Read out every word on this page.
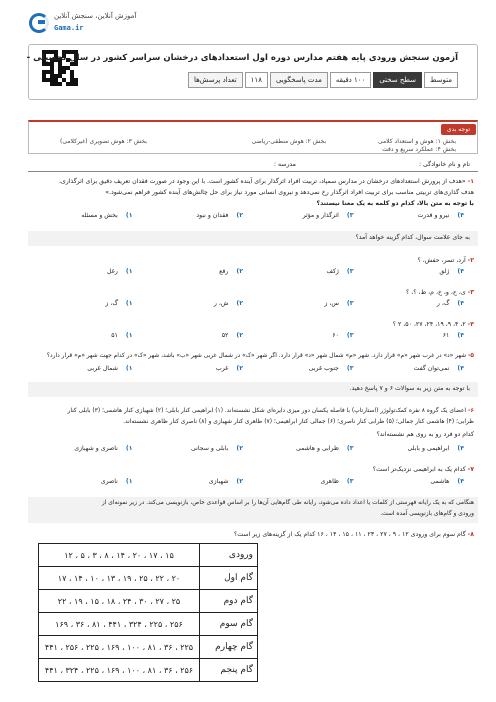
آموزش آنلاین، سنجش آنلاین
Gama.ir
آزمون سنجش ورودی پایه هفتم مدارس دوره اول استعدادهای درخشان سراسر کشور در سال تحصیلی -
تعداد پرسش‌ها	۱۱۸	مدت پاسخگویی	۱۰۰ دقیقه	سطح سختی	متوسط
توجه بدی
بخش ۱: هوش و استعداد کلامی
بخش ۲: هوش منطقی-ریاضی
بخش ۳: هوش تصویری (غیرکلامی)
بخش ۴: عملکرد سریع و دقت
نام و نام خانوادگی :
مدرسه :
۱- «هدف از پرورش استعدادهای درخشان در مدارس سمپاد، تربیت افراد اثرگذار برای آینده کشور است. با این وجود در صورت فقدان تعریف دقیق برای اثرگذاری،
هدف گذاری‌های تربیتی مناسب برای تربیت افراد اثرگذار رخ نمی‌دهد و نیروی انسانی مورد نیاز برای حل چالش‌های آینده کشور فراهم نمی‌شود.»
با توجه به متن بالا، کدام دو کلمه به یک معنا نیستند؟
۱)بخش و مسئله	۲)فقدان و نبود	۳)اثرگذار و مؤثر	۴)نیرو و قدرت
به جای علامت سوال، کدام گزینه خواهد آمد؟
۲- آرد، تسر، حفش، ؟
۱)رغل	۲)رقع	۳)ژکف	۴)ژلق
۳- ی، ح، و، خ، م، ط، ؟، ؟
۱)گ، ز	۲)ش، ر	۳)س، ز	۴)گ، ر
۴- ۲، ۴، ۹، ۱۹، ۲۴، ۲۷، ۵۰، ۲ ؟
۱)۵۱	۲)۵۲	۳)۶۰	۴)۶۱
۵- شهر «د» در غرب شهر «م» قرار دارد. شهر «م» شمال شهر «د» قرار دارد. اگر شهر «ک» در شمال غربی شهر «ب» باشد، شهر «ک» در کدام جهت شهر «م» قرار دارد؟
۱)شمال غربی	۲)غرب	۳)جنوب غربی	۴)نمی‌توان گفت
با توجه به متن زیر به سوالات ۶ و ۷ پاسخ دهید.
۶- اعضای یک گروه ۸ نفره کمک‌تولوژر (استارتاپ) با فاصله یکسان دور میزی دایره‌ای شکل نشسته‌اند. (۱) ابراهیمی کنار بابلی؛ (۲) شهبازی کنار هاشمی؛ (۳) بابلی کنار
ظرابی؛ (۴) هاشمی کنار جمالی؛ (۵) ظرابی کنار ناصری؛ (۶) جمالی کنار ابراهیمی؛ (۷) ظاهری کنار شهبازی و (۸) ناصری کنار ظاهری نشسته‌اند.
کدام دو فرد رو به روی هم نشسته‌اند؟
۱)ناصری و شهبازی	۲)بابلی و سجانی	۳)ظرابی و هاشمی	۴)ابراهیمی و بابلی
۷- کدام یک به ابراهیمی نزدیک‌تر است؟
۱)ناصری	۲)شهبازی	۳)ظاهری	۴)هاشمی
هنگامی که به یک رایانه فهرستی از کلمات یا اعداد داده می‌شود، رایانه طی گام‌هایی آن‌ها را بر اساس قواعدی خاص، بازنویسی می‌کند. در زیر نمونه‌ای از
ورودی و گام‌های بازنویسی آمده است.
۸- گام سوم برای ورودی ۱۲ ، ۹ ، ۲۷ ، ۲۳ ، ۱۱ ، ۱۵ ، ۱۴ ، ۱۶ کدام یک از گزینه‌های زیر است؟
ورودی	۱۲ ، ۵ ، ۳ ، ۸ ، ۱۴ ، ۲۰ ، ۱۷ ، ۱۵
گام اول	۱۷ ، ۱۴ ، ۱۰ ، ۱۳ ، ۱۹ ، ۲۵ ، ۲۲ ، ۲۰
گام دوم	۲۲ ، ۱۹ ، ۱۵ ، ۱۸ ، ۲۴ ، ۳۰ ، ۲۷ ، ۲۵
گام سوم	۱۶۹ ، ۳۶ ، ۸۱ ، ۴۴۱ ، ۳۲۴ ، ۲۲۵ ، ۲۵۶
گام چهارم	۴۴۱ ، ۲۵۶ ، ۲۲۵ ، ۱۶۹ ، ۱۰۰ ، ۸۱ ، ۳۶ ، ۲۲۵
گام پنجم	۴۴۱ ، ۳۲۴ ، ۲۲۵ ، ۱۶۹ ، ۱۰۰ ، ۸۱ ، ۳۶ ، ۲۵۶
